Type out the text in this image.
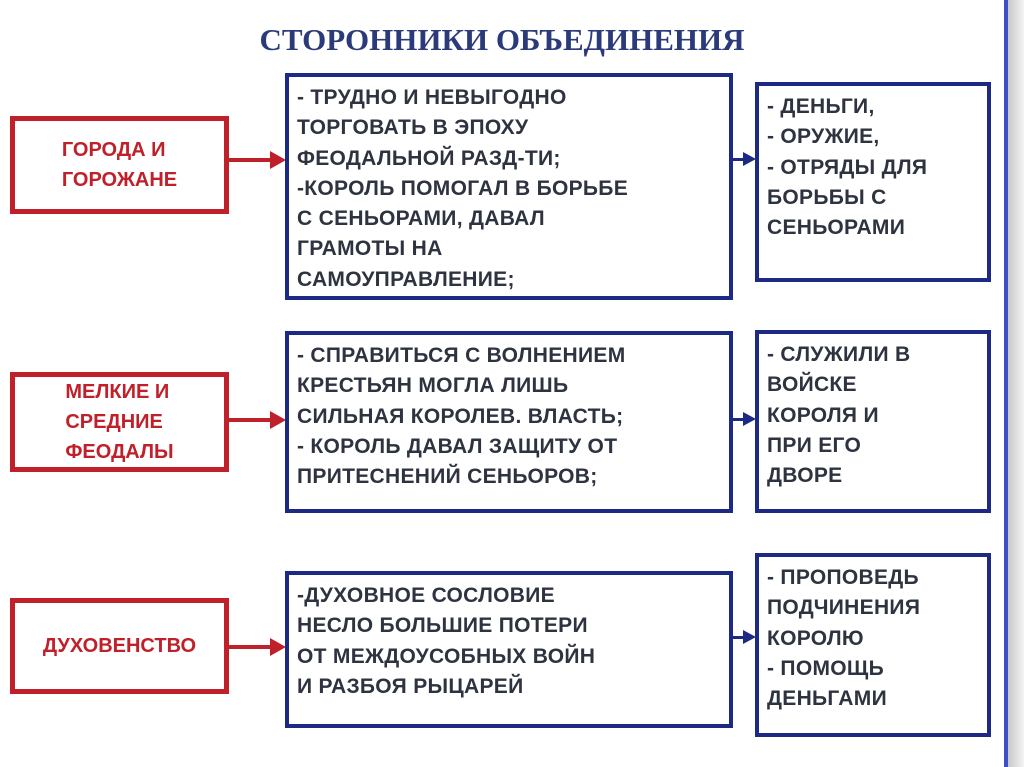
СТОРОННИКИ ОБЪЕДИНЕНИЯ
ГОРОДА И
ГОРОЖАНЕ
- ТРУДНО И НЕВЫГОДНО
ТОРГОВАТЬ В ЭПОХУ
ФЕОДАЛЬНОЙ РАЗД-ТИ;
-КОРОЛЬ ПОМОГАЛ В БОРЬБЕ
С СЕНЬОРАМИ, ДАВАЛ
ГРАМОТЫ НА
САМОУПРАВЛЕНИЕ;
- ДЕНЬГИ,
- ОРУЖИЕ,
- ОТРЯДЫ ДЛЯ
БОРЬБЫ С
СЕНЬОРАМИ
МЕЛКИЕ И
СРЕДНИЕ
ФЕОДАЛЫ
- СПРАВИТЬСЯ С ВОЛНЕНИЕМ
КРЕСТЬЯН МОГЛА ЛИШЬ
СИЛЬНАЯ КОРОЛЕВ. ВЛАСТЬ;
- КОРОЛЬ ДАВАЛ ЗАЩИТУ ОТ
ПРИТЕСНЕНИЙ СЕНЬОРОВ;
- СЛУЖИЛИ В
ВОЙСКЕ
КОРОЛЯ И
ПРИ ЕГО
ДВОРЕ
ДУХОВЕНСТВО
-ДУХОВНОЕ СОСЛОВИЕ
НЕСЛО БОЛЬШИЕ ПОТЕРИ
ОТ МЕЖДОУСОБНЫХ ВОЙН
И РАЗБОЯ РЫЦАРЕЙ
- ПРОПОВЕДЬ
ПОДЧИНЕНИЯ
КОРОЛЮ
- ПОМОЩЬ
ДЕНЬГАМИ
